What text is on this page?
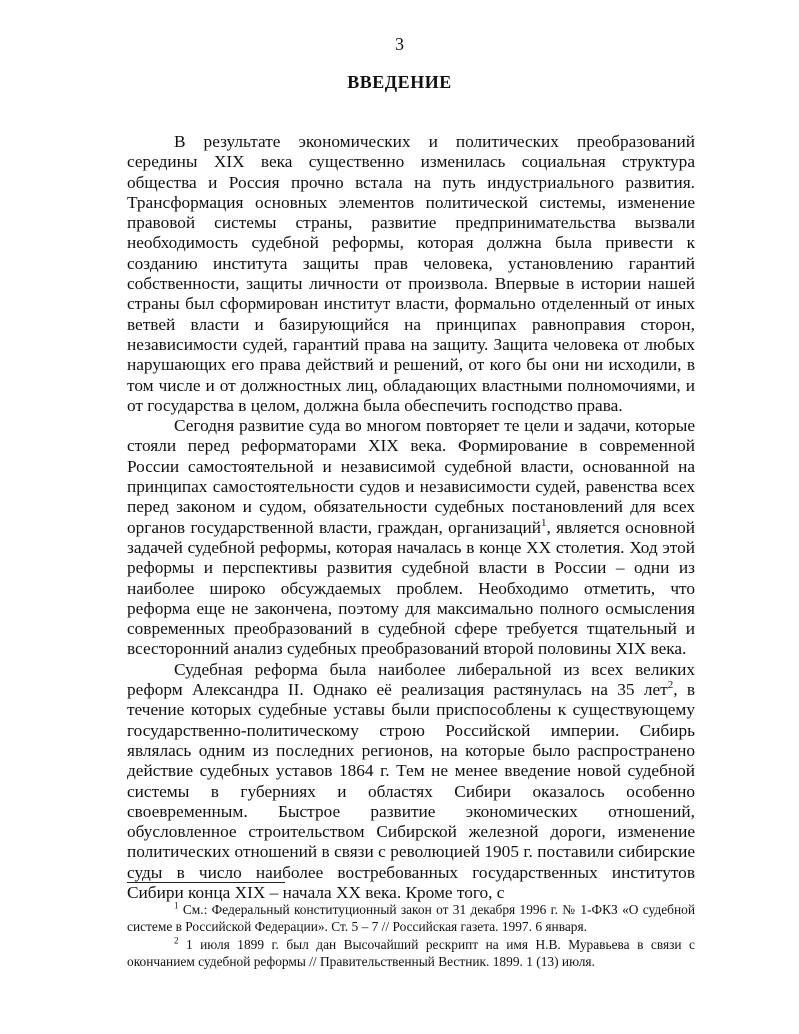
3
ВВЕДЕНИЕ

В результате экономических и политических преобразований середины XIX века существенно изменилась социальная структура общества и Россия прочно встала на путь индустриального развития. Трансформация основных элементов политической системы, изменение правовой системы страны, развитие предпринимательства вызвали необходимость судебной реформы, которая должна была привести к созданию института защиты прав человека, установлению гарантий собственности, защиты личности от произвола. Впервые в истории нашей страны был сформирован институт власти, формально отделенный от иных ветвей власти и базирующийся на принципах равноправия сторон, независимости судей, гарантий права на защиту. Защита человека от любых нарушающих его права действий и решений, от кого бы они ни исходили, в том числе и от должностных лиц, обладающих властными полномочиями, и от государства в целом, должна была обеспечить господство права.

Сегодня развитие суда во многом повторяет те цели и задачи, которые стояли перед реформаторами XIX века. Формирование в современной России самостоятельной и независимой судебной власти, основанной на принципах самостоятельности судов и независимости судей, равенства всех перед законом и судом, обязательности судебных постановлений для всех органов государственной власти, граждан, организаций$^1$, является основной задачей судебной реформы, которая началась в конце XX столетия. Ход этой реформы и перспективы развития судебной власти в России – одни из наиболее широко обсуждаемых проблем. Необходимо отметить, что реформа еще не закончена, поэтому для максимально полного осмысления современных преобразований в судебной сфере требуется тщательный и всесторонний анализ судебных преобразований второй половины XIX века.

Судебная реформа была наиболее либеральной из всех великих реформ Александра II. Однако её реализация растянулась на 35 лет$^2$, в течение которых судебные уставы были приспособлены к существующему государственно-политическому строю Российской империи. Сибирь являлась одним из последних регионов, на которые было распространено действие судебных уставов 1864 г. Тем не менее введение новой судебной системы в губерниях и областях Сибири оказалось особенно своевременным. Быстрое развитие экономических отношений, обусловленное строительством Сибирской железной дороги, изменение политических отношений в связи с революцией 1905 г. поставили сибирские суды в число наиболее востребованных государственных институтов Сибири конца XIX – начала XX века. Кроме того, с

$^1$ См.: Федеральный конституционный закон от 31 декабря 1996 г. № 1-ФКЗ «О судебной системе в Российской Федерации». Ст. 5 – 7 // Российская газета. 1997. 6 января.

$^2$ 1 июля 1899 г. был дан Высочайший рескрипт на имя Н.В. Муравьева в связи с окончанием судебной реформы // Правительственный Вестник. 1899. 1 (13) июля.
